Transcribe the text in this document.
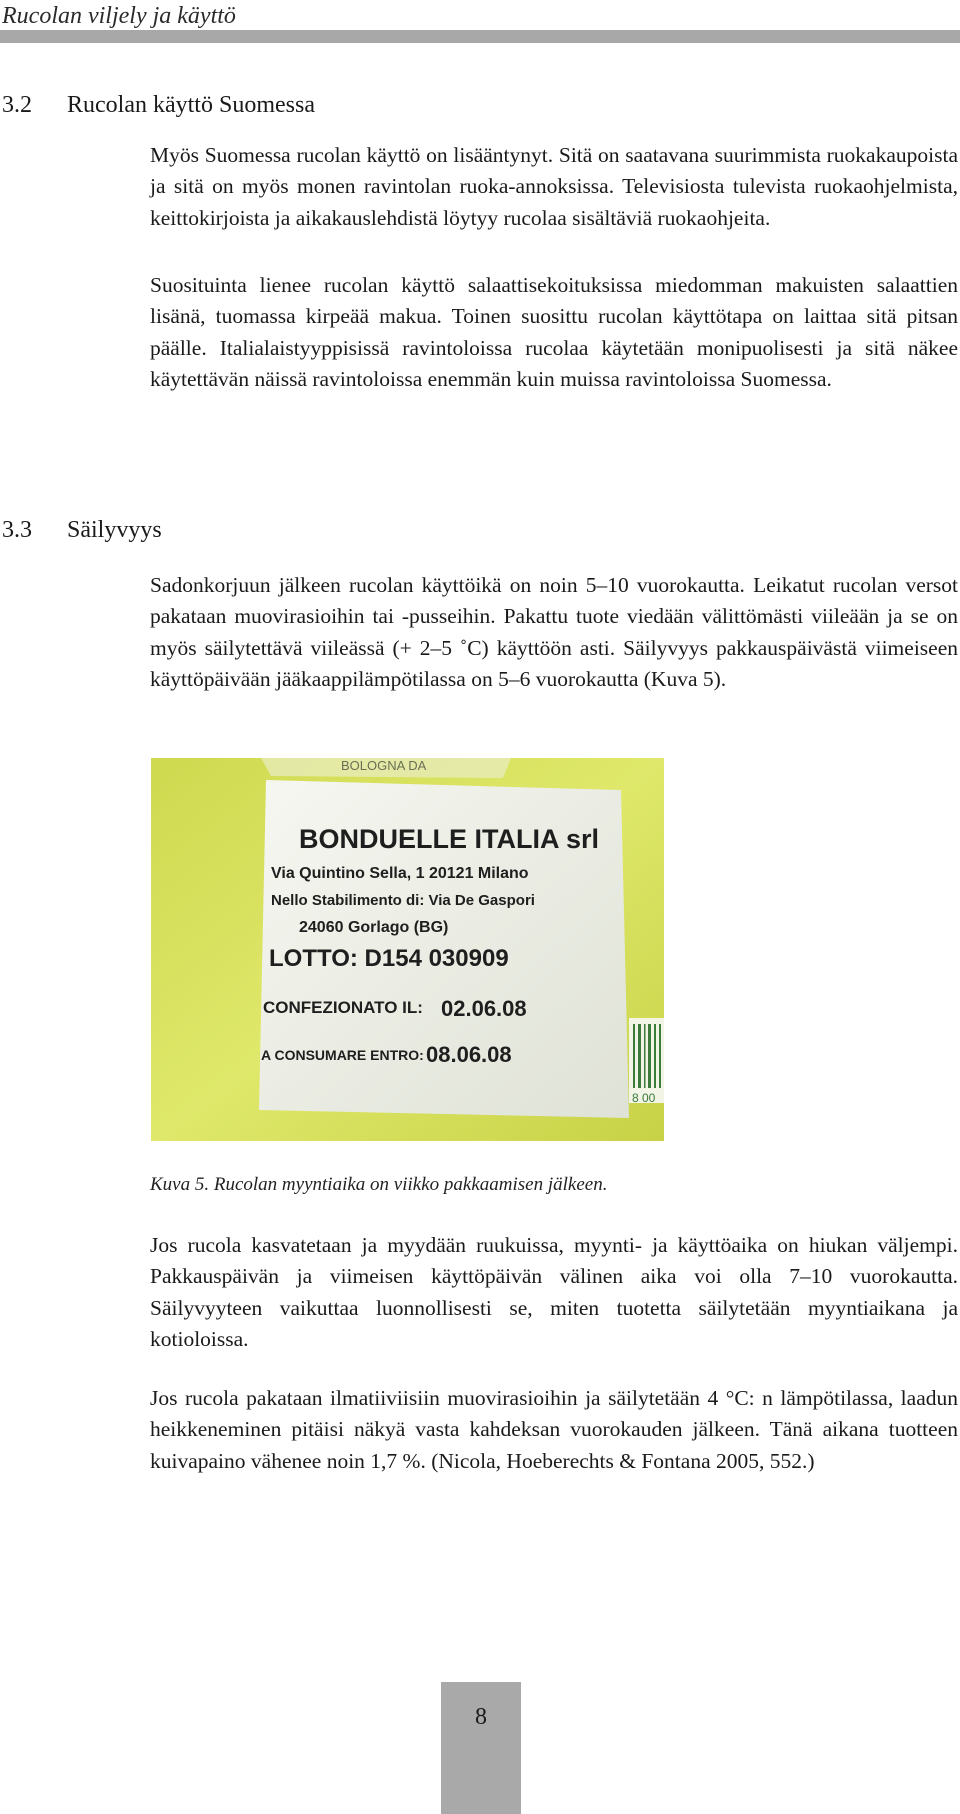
Rucolan viljely ja käyttö
3.2 Rucolan käyttö Suomessa

Myös Suomessa rucolan käyttö on lisääntynyt. Sitä on saatavana suurimmista ruokakaupoista ja sitä on myös monen ravintolan ruoka-annoksissa. Televisiosta tulevista ruokaohjelmista, keittokirjoista ja aikakauslehdistä löytyy rucolaa sisältäviä ruokaohjeita.

Suosituinta lienee rucolan käyttö salaattisekoituksissa miedomman makuisten salaattien lisänä, tuomassa kirpeää makua. Toinen suosittu rucolan käyttötapa on laittaa sitä pitsan päälle. Italialaistyyppisissä ravintoloissa rucolaa käytetään monipuolisesti ja sitä näkee käytettävän näissä ravintoloissa enemmän kuin muissa ravintoloissa Suomessa.

3.3 Säilyvyys

Sadonkorjuun jälkeen rucolan käyttöikä on noin 5–10 vuorokautta. Leikatut rucolan versot pakataan muovirasioihin tai -pusseihin. Pakattu tuote viedään välittömästi viileään ja se on myös säilytettävä viileässä (+ 2–5 ˚C) käyttöön asti. Säilyvyys pakkauspäivästä viimeiseen käyttöpäivään jääkaappilämpötilassa on 5–6 vuorokautta (Kuva 5).

BOLOGNA DA
BONDUELLE ITALIA srl
Via Quintino Sella, 1 20121 Milano
Nello Stabilimento di: Via De Gaspori
24060 Gorlago (BG)
LOTTO: D154 030909
CONFEZIONATO IL: 02.06.08
A CONSUMARE ENTRO: 08.06.08
8 00
Kuva 5. Rucolan myyntiaika on viikko pakkaamisen jälkeen.

Jos rucola kasvatetaan ja myydään ruukuissa, myynti- ja käyttöaika on hiukan väljempi. Pakkauspäivän ja viimeisen käyttöpäivän välinen aika voi olla 7–10 vuorokautta. Säilyvyyteen vaikuttaa luonnollisesti se, miten tuotetta säilytetään myyntiaikana ja kotioloissa.

Jos rucola pakataan ilmatiiviisiin muovirasioihin ja säilytetään 4 °C: n lämpötilassa, laadun heikkeneminen pitäisi näkyä vasta kahdeksan vuorokauden jälkeen. Tänä aikana tuotteen kuivapaino vähenee noin 1,7 %. (Nicola, Hoeberechts & Fontana 2005, 552.)

8
